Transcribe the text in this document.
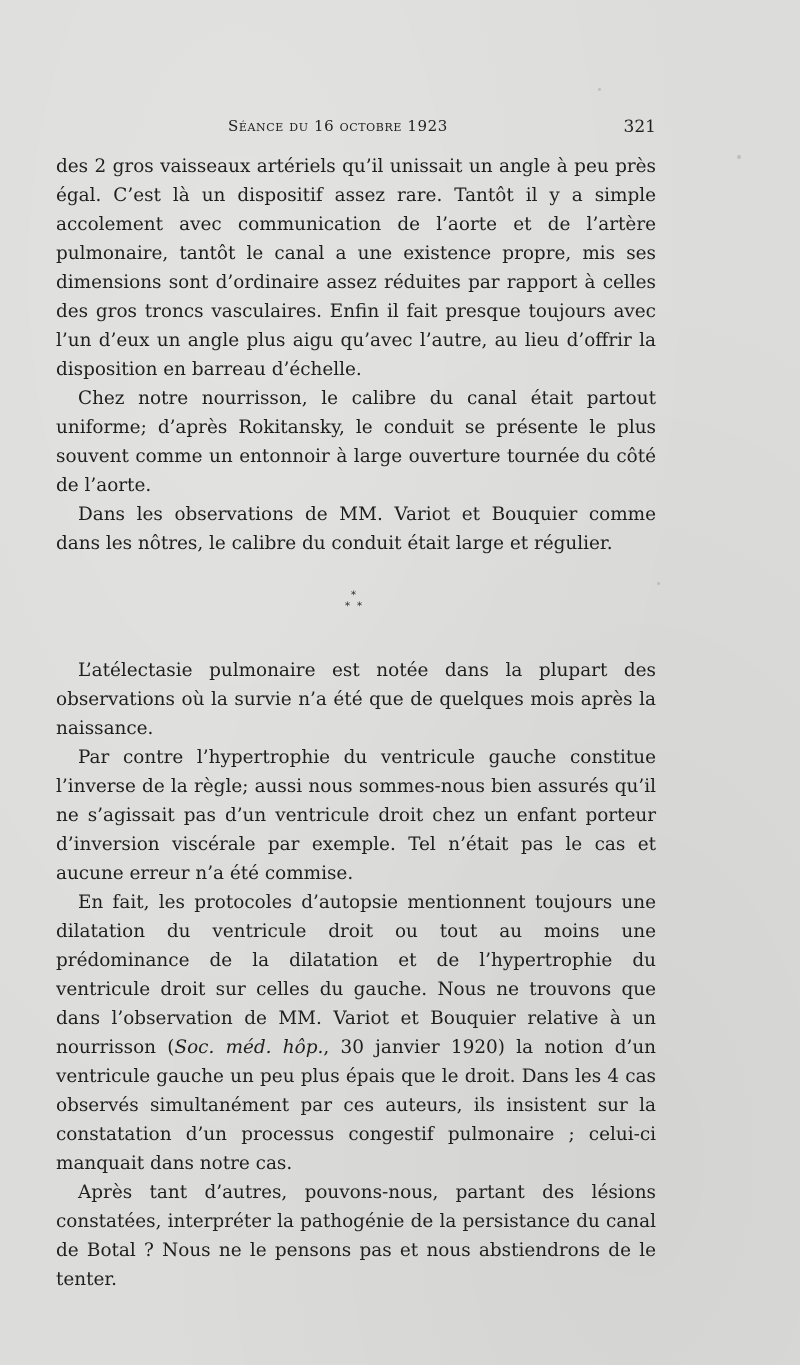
Séance du 16 octobre 1923	321

des 2 gros vaisseaux artériels qu’il unissait un angle à peu près égal. C’est là un dispositif assez rare. Tantôt il y a simple accolement avec communication de l’aorte et de l’artère pulmonaire, tantôt le canal a une existence propre, mis ses dimensions sont d’ordinaire assez réduites par rapport à celles des gros troncs vasculaires. Enfin il fait presque toujours avec l’un d’eux un angle plus aigu qu’avec l’autre, au lieu d’offrir la disposition en barreau d’échelle.

Chez notre nourrisson, le calibre du canal était partout uniforme; d’après Rokitansky, le conduit se présente le plus souvent comme un entonnoir à large ouverture tournée du côté de l’aorte.

Dans les observations de MM. Variot et Bouquier comme dans les nôtres, le calibre du conduit était large et régulier.

*
* *

L’atélectasie pulmonaire est notée dans la plupart des observations où la survie n’a été que de quelques mois après la naissance.

Par contre l’hypertrophie du ventricule gauche constitue l’inverse de la règle; aussi nous sommes-nous bien assurés qu’il ne s’agissait pas d’un ventricule droit chez un enfant porteur d’inversion viscérale par exemple. Tel n’était pas le cas et aucune erreur n’a été commise.

En fait, les protocoles d’autopsie mentionnent toujours une dilatation du ventricule droit ou tout au moins une prédominance de la dilatation et de l’hypertrophie du ventricule droit sur celles du gauche. Nous ne trouvons que dans l’observation de MM. Variot et Bouquier relative à un nourrisson (Soc. méd. hôp., 30 janvier 1920) la notion d’un ventricule gauche un peu plus épais que le droit. Dans les 4 cas observés simultanément par ces auteurs, ils insistent sur la constatation d’un processus congestif pulmonaire ; celui-ci manquait dans notre cas.

Après tant d’autres, pouvons-nous, partant des lésions constatées, interpréter la pathogénie de la persistance du canal de Botal ? Nous ne le pensons pas et nous abstiendrons de le tenter.
